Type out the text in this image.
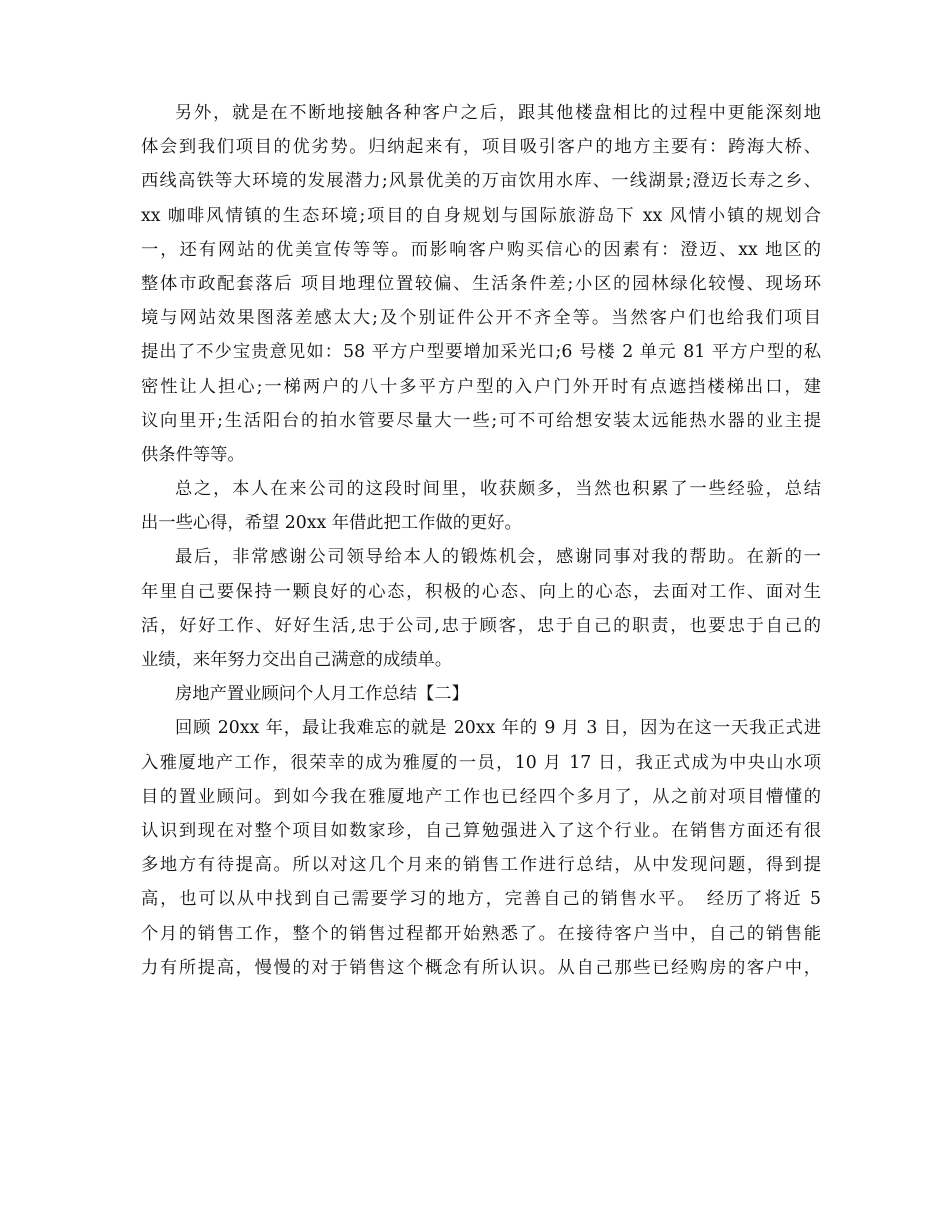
另外，就是在不断地接触各种客户之后，跟其他楼盘相比的过程中更能深刻地
体会到我们项目的优劣势。归纳起来有，项目吸引客户的地方主要有：跨海大桥、
西线高铁等大环境的发展潜力;风景优美的万亩饮用水库、一线湖景;澄迈长寿之乡、
xx 咖啡风情镇的生态环境;项目的自身规划与国际旅游岛下 xx 风情小镇的规划合
一，还有网站的优美宣传等等。而影响客户购买信心的因素有：澄迈、xx 地区的
整体市政配套落后 项目地理位置较偏、生活条件差;小区的园林绿化较慢、现场环
境与网站效果图落差感太大;及个别证件公开不齐全等。当然客户们也给我们项目
提出了不少宝贵意见如：58 平方户型要增加采光口;6 号楼 2 单元 81 平方户型的私
密性让人担心;一梯两户的八十多平方户型的入户门外开时有点遮挡楼梯出口，建
议向里开;生活阳台的拍水管要尽量大一些;可不可给想安装太远能热水器的业主提
供条件等等。
总之，本人在来公司的这段时间里，收获颇多，当然也积累了一些经验，总结
出一些心得，希望 20xx 年借此把工作做的更好。
最后，非常感谢公司领导给本人的锻炼机会，感谢同事对我的帮助。在新的一
年里自己要保持一颗良好的心态，积极的心态、向上的心态，去面对工作、面对生
活，好好工作、好好生活,忠于公司,忠于顾客，忠于自己的职责，也要忠于自己的
业绩，来年努力交出自己满意的成绩单。
房地产置业顾问个人月工作总结【二】
回顾 20xx 年，最让我难忘的就是 20xx 年的 9 月 3 日，因为在这一天我正式进
入雅厦地产工作，很荣幸的成为雅厦的一员，10 月 17 日，我正式成为中央山水项
目的置业顾问。到如今我在雅厦地产工作也已经四个多月了，从之前对项目懵懂的
认识到现在对整个项目如数家珍，自己算勉强进入了这个行业。在销售方面还有很
多地方有待提高。所以对这几个月来的销售工作进行总结，从中发现问题，得到提
高，也可以从中找到自己需要学习的地方，完善自己的销售水平。　经历了将近 5
个月的销售工作，整个的销售过程都开始熟悉了。在接待客户当中，自己的销售能
力有所提高，慢慢的对于销售这个概念有所认识。从自己那些已经购房的客户中，
